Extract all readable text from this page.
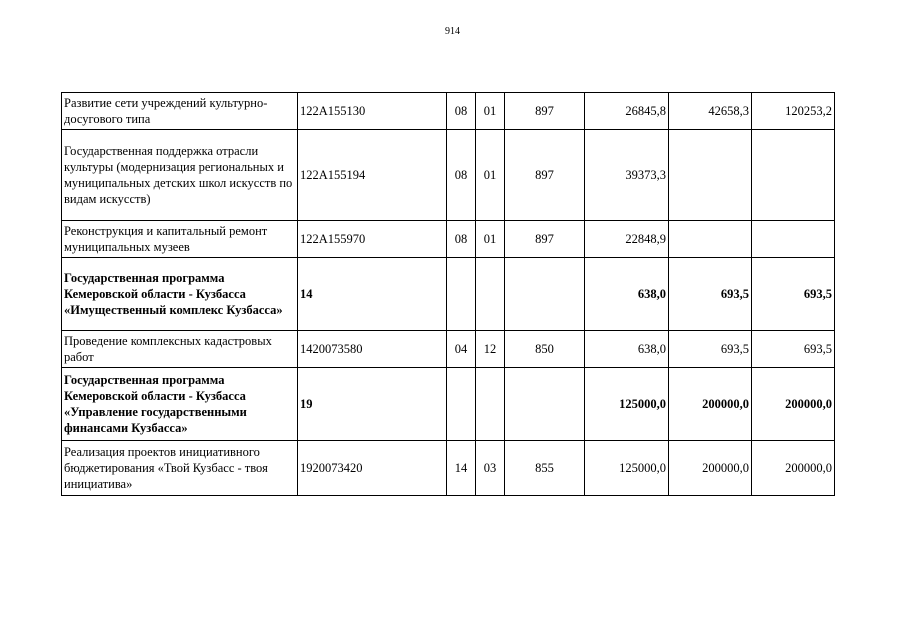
914
Развитие сети учреждений культурно-досугового типа	122A155130	08	01	897	26845,8	42658,3	120253,2
Государственная поддержка отрасли культуры (модернизация региональных и муниципальных детских школ искусств по видам искусств)	122A155194	08	01	897	39373,3		
Реконструкция и капитальный ремонт муниципальных музеев	122A155970	08	01	897	22848,9		
Государственная программа Кемеровской области - Кузбасса «Имущественный комплекс Кузбасса»	14				638,0	693,5	693,5
Проведение комплексных кадастровых работ	1420073580	04	12	850	638,0	693,5	693,5
Государственная программа Кемеровской области - Кузбасса «Управление государственными финансами Кузбасса»	19				125000,0	200000,0	200000,0
Реализация проектов инициативного бюджетирования «Твой Кузбасс - твоя инициатива»	1920073420	14	03	855	125000,0	200000,0	200000,0
